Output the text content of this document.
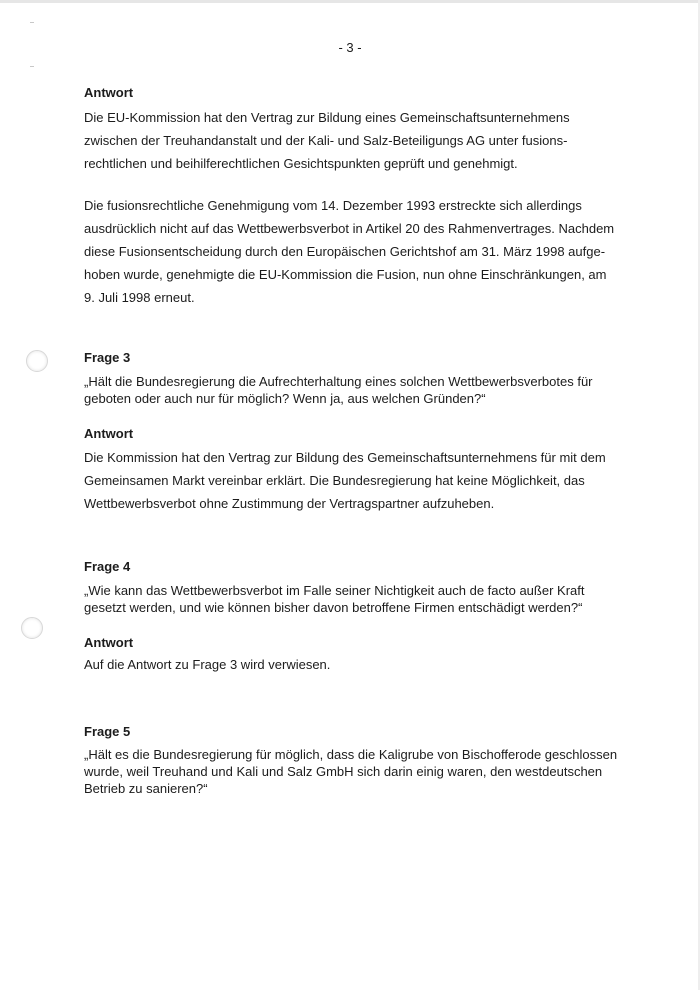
- 3 -
Antwort
Die EU-Kommission hat den Vertrag zur Bildung eines Gemeinschaftsunternehmens
zwischen der Treuhandanstalt und der Kali- und Salz-Beteiligungs AG unter fusions-
rechtlichen und beihilferechtlichen Gesichtspunkten geprüft und genehmigt.
Die fusionsrechtliche Genehmigung vom 14. Dezember 1993 erstreckte sich allerdings
ausdrücklich nicht auf das Wettbewerbsverbot in Artikel 20 des Rahmenvertrages. Nachdem
diese Fusionsentscheidung durch den Europäischen Gerichtshof am 31. März 1998 aufge-
hoben wurde, genehmigte die EU-Kommission die Fusion, nun ohne Einschränkungen, am
9. Juli 1998 erneut.
Frage 3
„Hält die Bundesregierung die Aufrechterhaltung eines solchen Wettbewerbsverbotes für
geboten oder auch nur für möglich? Wenn ja, aus welchen Gründen?“
Antwort
Die Kommission hat den Vertrag zur Bildung des Gemeinschaftsunternehmens für mit dem
Gemeinsamen Markt vereinbar erklärt. Die Bundesregierung hat keine Möglichkeit, das
Wettbewerbsverbot ohne Zustimmung der Vertragspartner aufzuheben.
Frage 4
„Wie kann das Wettbewerbsverbot im Falle seiner Nichtigkeit auch de facto außer Kraft
gesetzt werden, und wie können bisher davon betroffene Firmen entschädigt werden?“
Antwort
Auf die Antwort zu Frage 3 wird verwiesen.
Frage 5
„Hält es die Bundesregierung für möglich, dass die Kaligrube von Bischofferode geschlossen
wurde, weil Treuhand und Kali und Salz GmbH sich darin einig waren, den westdeutschen
Betrieb zu sanieren?“
